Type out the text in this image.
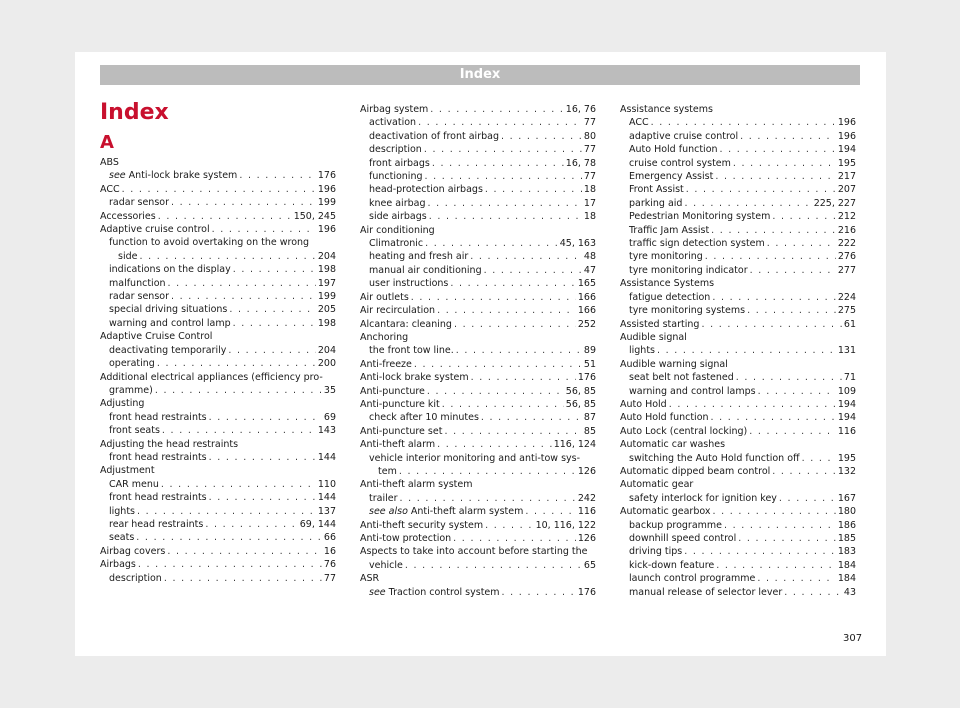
Index
Index
A
ABS
see Anti-lock brake system . . .	176
ACC . . .	196
radar sensor . . .	199
Accessories . . .	150, 245
Adaptive cruise control . . .	196
function to avoid overtaking on the wrong
side . . .	204
indications on the display . . .	198
malfunction . . .	197
radar sensor . . .	199
special driving situations . . .	205
warning and control lamp . . .	198
Adaptive Cruise Control
deactivating temporarily . . .	204
operating . . .	200
Additional electrical appliances (efficiency pro-
gramme) . . .	35
Adjusting
front head restraints . . .	69
front seats . . .	143
Adjusting the head restraints
front head restraints . . .	144
Adjustment
CAR menu . . .	110
front head restraints . . .	144
lights . . .	137
rear head restraints . . .	69, 144
seats . . .	66
Airbag covers . . .	16
Airbags . . .	76
description . . .	77
Airbag system . . .	16, 76
activation . . .	77
deactivation of front airbag . . .	80
description . . .	77
front airbags . . .	16, 78
functioning . . .	77
head-protection airbags . . .	18
knee airbag . . .	17
side airbags . . .	18
Air conditioning
Climatronic . . .	45, 163
heating and fresh air . . .	48
manual air conditioning . . .	47
user instructions . . .	165
Air outlets . . .	166
Air recirculation . . .	166
Alcantara: cleaning . . .	252
Anchoring
the front tow line. . . .	89
Anti-freeze . . .	51
Anti-lock brake system . . .	176
Anti-puncture . . .	56, 85
Anti-puncture kit . . .	56, 85
check after 10 minutes . . .	87
Anti-puncture set . . .	85
Anti-theft alarm . . .	116, 124
vehicle interior monitoring and anti-tow sys-
tem . . .	126
Anti-theft alarm system
trailer . . .	242
see also Anti-theft alarm system . . .	116
Anti-theft security system . . .	10, 116, 122
Anti-tow protection . . .	126
Aspects to take into account before starting the
vehicle . . .	65
ASR
see Traction control system . . .	176
Assistance systems
ACC . . .	196
adaptive cruise control . . .	196
Auto Hold function . . .	194
cruise control system . . .	195
Emergency Assist . . .	217
Front Assist . . .	207
parking aid . . .	225, 227
Pedestrian Monitoring system . . .	212
Traffic Jam Assist . . .	216
traffic sign detection system . . .	222
tyre monitoring . . .	276
tyre monitoring indicator . . .	277
Assistance Systems
fatigue detection . . .	224
tyre monitoring systems . . .	275
Assisted starting . . .	61
Audible signal
lights . . .	131
Audible warning signal
seat belt not fastened . . .	71
warning and control lamps . . .	109
Auto Hold . . .	194
Auto Hold function . . .	194
Auto Lock (central locking) . . .	116
Automatic car washes
switching the Auto Hold function off . . .	195
Automatic dipped beam control . . .	132
Automatic gear
safety interlock for ignition key . . .	167
Automatic gearbox . . .	180
backup programme . . .	186
downhill speed control . . .	185
driving tips . . .	183
kick-down feature . . .	184
launch control programme . . .	184
manual release of selector lever . . .	43
307
